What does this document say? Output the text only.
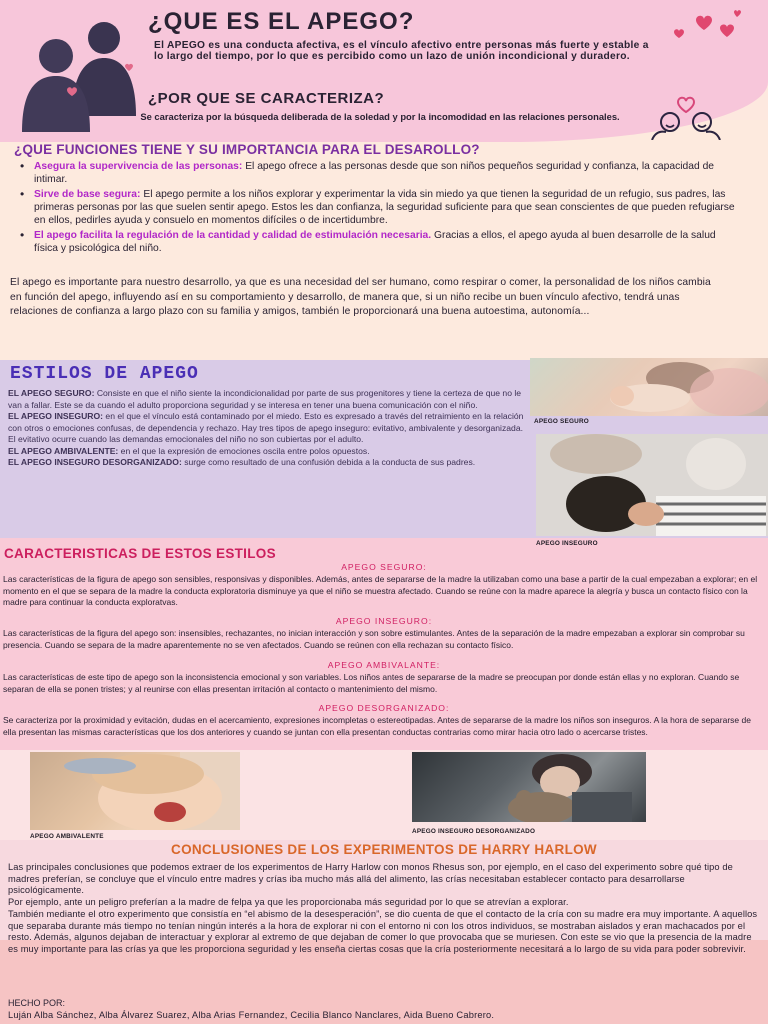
¿QUE ES EL APEGO?
El APEGO es una conducta afectiva, es el vínculo afectivo entre personas más fuerte y estable a lo largo del tiempo, por lo que es percibido como un lazo de unión incondicional y duradero.
¿POR QUE SE CARACTERIZA?
Se caracteriza por la búsqueda deliberada de la soledad y por la incomodidad en las relaciones personales.
¿QUE FUNCIONES TIENE Y SU IMPORTANCIA PARA EL DESAROLLO?
• Asegura la supervivencia de las personas: El apego ofrece a las personas desde que son niños pequeños seguridad y confianza, la capacidad de intimar.
• Sirve de base segura: El apego permite a los niños explorar y experimentar la vida sin miedo ya que tienen la seguridad de un refugio, sus padres, las primeras personas por las que suelen sentir apego. Estos les dan confianza, la seguridad suficiente para que sean conscientes de que pueden refugiarse en ellos, pedirles ayuda y consuelo en momentos difíciles o de incertidumbre.
• El apego facilita la regulación de la cantidad y calidad de estimulación necesaria. Gracias a ellos, el apego ayuda al buen desarrolle de la salud física y psicológica del niño.
El apego es importante para nuestro desarrollo, ya que es una necesidad del ser humano, como respirar o comer, la personalidad de los niños cambia en función del apego, influyendo así en su comportamiento y desarrollo, de manera que, si un niño recibe un buen vínculo afectivo, tendrá unas relaciones de confianza a largo plazo con su familia y amigos, también le proporcionará una buena autoestima, autonomía...
ESTILOS DE APEGO

EL APEGO SEGURO: Consiste en que el niño siente la incondicionalidad por parte de sus progenitores y tiene la certeza de que no le van a fallar. Este se da cuando el adulto proporciona seguridad y se interesa en tener una buena comunicación con el niño.

EL APEGO INSEGURO: en el que el vínculo está contaminado por el miedo. Esto es expresado a través del retraimiento en la relación con otros o emociones confusas, de dependencia y rechazo. Hay tres tipos de apego inseguro: evitativo, ambivalente y desorganizada. El evitativo ocurre cuando las demandas emocionales del niño no son cubiertas por el adulto.

EL APEGO AMBIVALENTE: en el que la expresión de emociones oscila entre polos opuestos.

EL APEGO INSEGURO DESORGANIZADO: surge como resultado de una confusión debida a la conducta de sus padres.

APEGO SEGURO
APEGO INSEGURO
CARACTERISTICAS DE ESTOS ESTILOS
APEGO SEGURO:
Las características de la figura de apego son sensibles, responsivas y disponibles. Además, antes de separarse de la madre la utilizaban como una base a partir de la cual empezaban a explorar; en el momento en el que se separa de la madre la conducta exploratoria disminuye ya que el niño se muestra afectado. Cuando se reúne con la madre aparece la alegría y busca un contacto físico con la madre para continuar la conducta exploratvas.
APEGO INSEGURO:
Las características de la figura del apego son: insensibles, rechazantes, no inician interacción y son sobre estimulantes. Antes de la separación de la madre empezaban a explorar sin comprobar su presencia. Cuando se separa de la madre aparentemente no se ven afectados. Cuando se reúnen con ella rechazan su contacto físico.
APEGO AMBIVALANTE:
Las características de este tipo de apego son la inconsistencia emocional y son variables. Los niños antes de separarse de la madre se preocupan por donde están ellas y no exploran. Cuando se separan de ella se ponen tristes; y al reunirse con ellas presentan irritación al contacto o mantenimiento del mismo.
APEGO DESORGANIZADO:
Se caracteriza por la proximidad y evitación, dudas en el acercamiento, expresiones incompletas o estereotipadas. Antes de separarse de la madre los niños son inseguros. A la hora de separarse de ella presentan las mismas características que los dos anteriores y cuando se juntan con ella presentan conductas contrarias como mirar hacia otro lado o acercarse tristes.
APEGO AMBIVALENTE
APEGO INSEGURO DESORGANIZADO
CONCLUSIONES DE LOS EXPERIMENTOS DE HARRY HARLOW

Las principales conclusiones que podemos extraer de los experimentos de Harry Harlow con monos Rhesus son, por ejemplo, en el caso del experimento sobre qué tipo de madres preferían, se concluye que el vínculo entre madres y crías iba mucho más allá del alimento, las crías necesitaban establecer contacto para desarrollarse psicológicamente.

Por ejemplo, ante un peligro preferían a la madre de felpa ya que les proporcionaba más seguridad por lo que se atrevían a explorar.

También mediante el otro experimento que consistía en “el abismo de la desesperación”, se dio cuenta de que el contacto de la cría con su madre era muy importante. A aquellos que separaba durante más tiempo no tenían ningún interés a la hora de explorar ni con el entorno ni con los otros individuos, se mostraban aislados y eran machacados por el resto. Además, algunos dejaban de interactuar y explorar al extremo de que dejaban de comer lo que provocaba que se muriesen. Con este se vio que la presencia de la madre es muy importante para las crías ya que les proporciona seguridad y les enseña ciertas cosas que la cría posteriormente necesitará a lo largo de su vida para poder sobrevivir.

HECHO POR:
Luján Alba Sánchez, Alba Álvarez Suarez, Alba Arias Fernandez, Cecilia Blanco Nanclares, Aida Bueno Cabrero.
